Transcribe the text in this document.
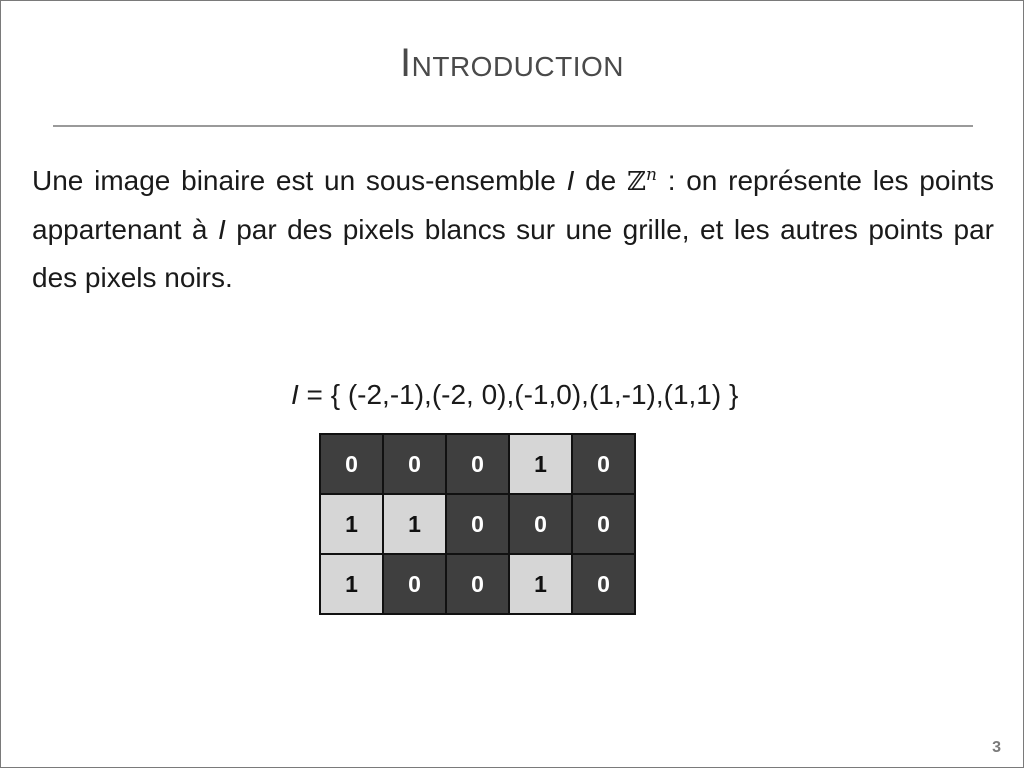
Introduction
Une image binaire est un sous-ensemble I de ℤ$^n$ : on représente les points appartenant à I par des pixels blancs sur une grille, et les autres points par des pixels noirs.
I = { (-2,-1),(-2, 0),(-1,0),(1,-1),(1,1) }
0	0	0	1	0
1	1	0	0	0
1	0	0	1	0
3
